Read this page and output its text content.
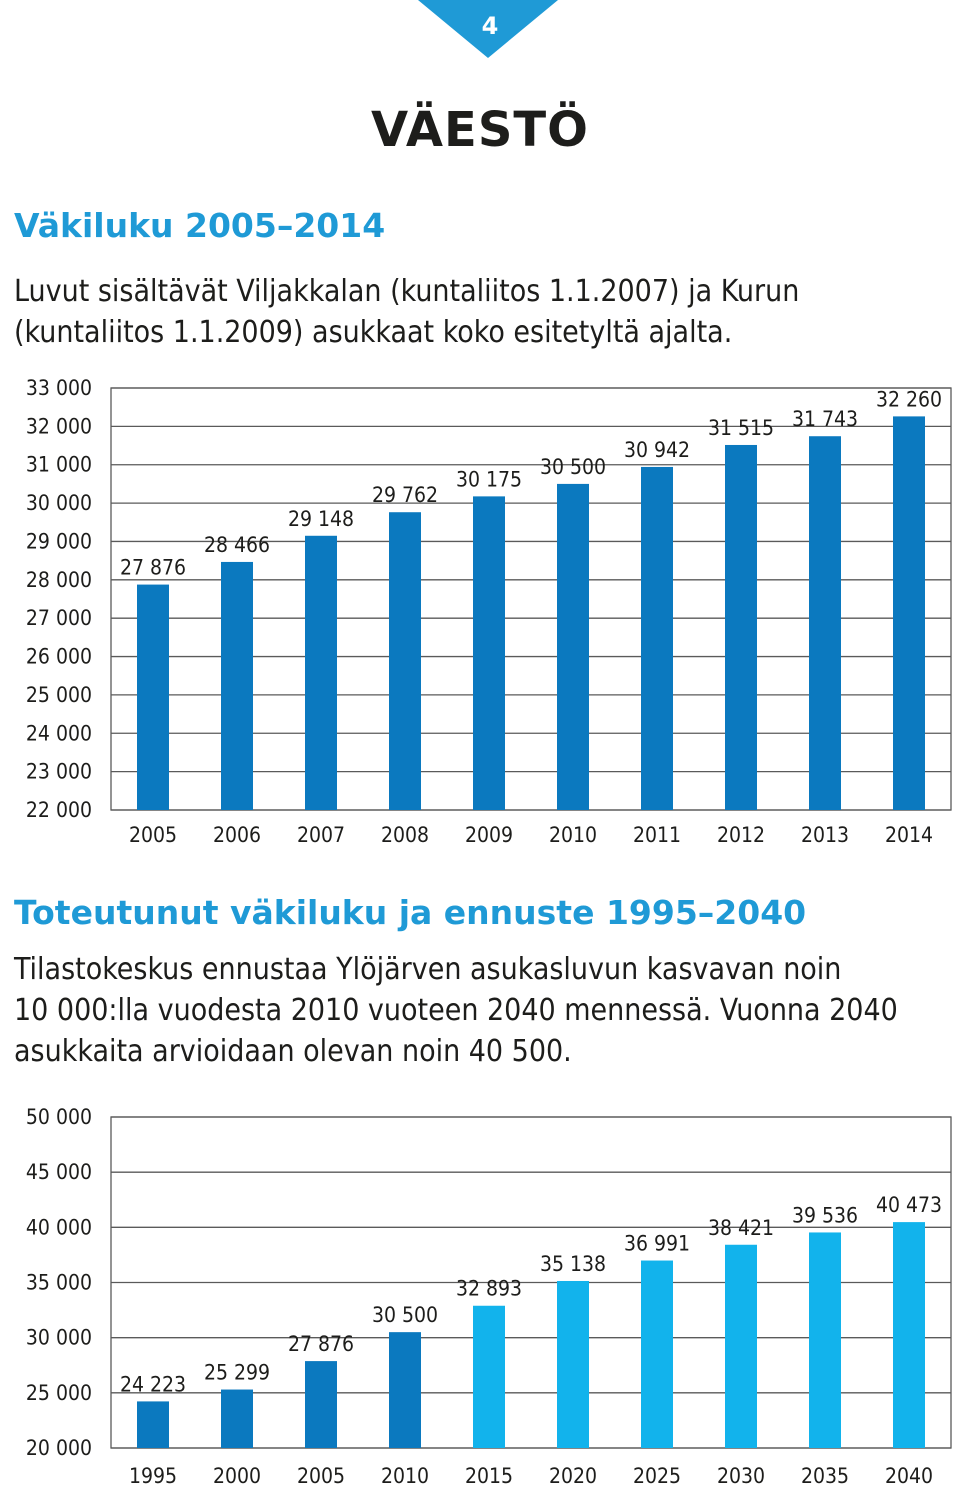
4
VÄESTÖ
Väkiluku 2005–2014

Luvut sisältävät Viljakkalan (kuntaliitos 1.1.2007) ja Kurun
(kuntaliitos 1.1.2009) asukkaat koko esitetyltä ajalta.

22 000
23 000
24 000
25 000
26 000
27 000
28 000
29 000
30 000
31 000
32 000
33 000
27 876
2005
28 466
2006
29 148
2007
29 762
2008
30 175
2009
30 500
2010
30 942
2011
31 515
2012
31 743
2013
32 260
2014
Toteutunut väkiluku ja ennuste 1995–2040

Tilastokeskus ennustaa Ylöjärven asukasluvun kasvavan noin
10 000:lla vuodesta 2010 vuoteen 2040 mennessä. Vuonna 2040
asukkaita arvioidaan olevan noin 40 500.

20 000
25 000
30 000
35 000
40 000
45 000
50 000
24 223
1995
25 299
2000
27 876
2005
30 500
2010
32 893
2015
35 138
2020
36 991
2025
38 421
2030
39 536
2035
40 473
2040
